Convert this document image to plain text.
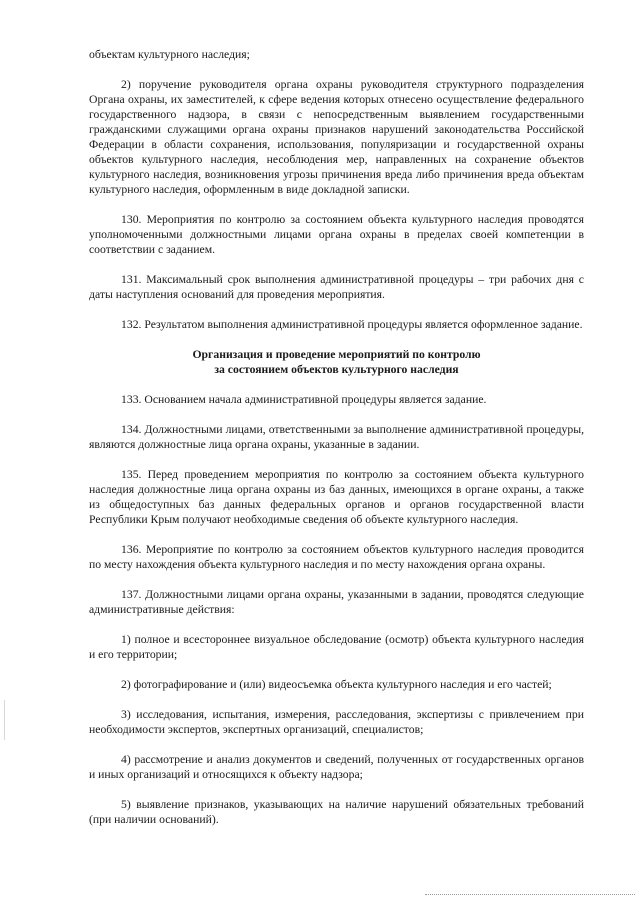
объектам культурного наследия;

2) поручение руководителя органа охраны руководителя структурного подразделения Органа охраны, их заместителей, к сфере ведения которых отнесено осуществление федерального государственного надзора, в связи с непосредственным выявлением государственными гражданскими служащими органа охраны признаков нарушений законодательства Российской Федерации в области сохранения, использования, популяризации и государственной охраны объектов культурного наследия, несоблюдения мер, направленных на сохранение объектов культурного наследия, возникновения угрозы причинения вреда либо причинения вреда объектам культурного наследия, оформленным в виде докладной записки.

130. Мероприятия по контролю за состоянием объекта культурного наследия проводятся уполномоченными должностными лицами органа охраны в пределах своей компетенции в соответствии с заданием.

131. Максимальный срок выполнения административной процедуры – три рабочих дня с даты наступления оснований для проведения мероприятия.

132. Результатом выполнения административной процедуры является оформленное задание.

Организация и проведение мероприятий по контролю
за состоянием объектов культурного наследия

133. Основанием начала административной процедуры является задание.

134. Должностными лицами, ответственными за выполнение административной процедуры, являются должностные лица органа охраны, указанные в задании.

135. Перед проведением мероприятия по контролю за состоянием объекта культурного наследия должностные лица органа охраны из баз данных, имеющихся в органе охраны, а также из общедоступных баз данных федеральных органов и органов государственной власти Республики Крым получают необходимые сведения об объекте культурного наследия.

136. Мероприятие по контролю за состоянием объектов культурного наследия проводится по месту нахождения объекта культурного наследия и по месту нахождения органа охраны.

137. Должностными лицами органа охраны, указанными в задании, проводятся следующие административные действия:

1) полное и всестороннее визуальное обследование (осмотр) объекта культурного наследия и его территории;

2) фотографирование и (или) видеосъемка объекта культурного наследия и его частей;

3) исследования, испытания, измерения, расследования, экспертизы с привлечением при необходимости экспертов, экспертных организаций, специалистов;

4) рассмотрение и анализ документов и сведений, полученных от государственных органов и иных организаций и относящихся к объекту надзора;

5) выявление признаков, указывающих на наличие нарушений обязательных требований (при наличии оснований).
